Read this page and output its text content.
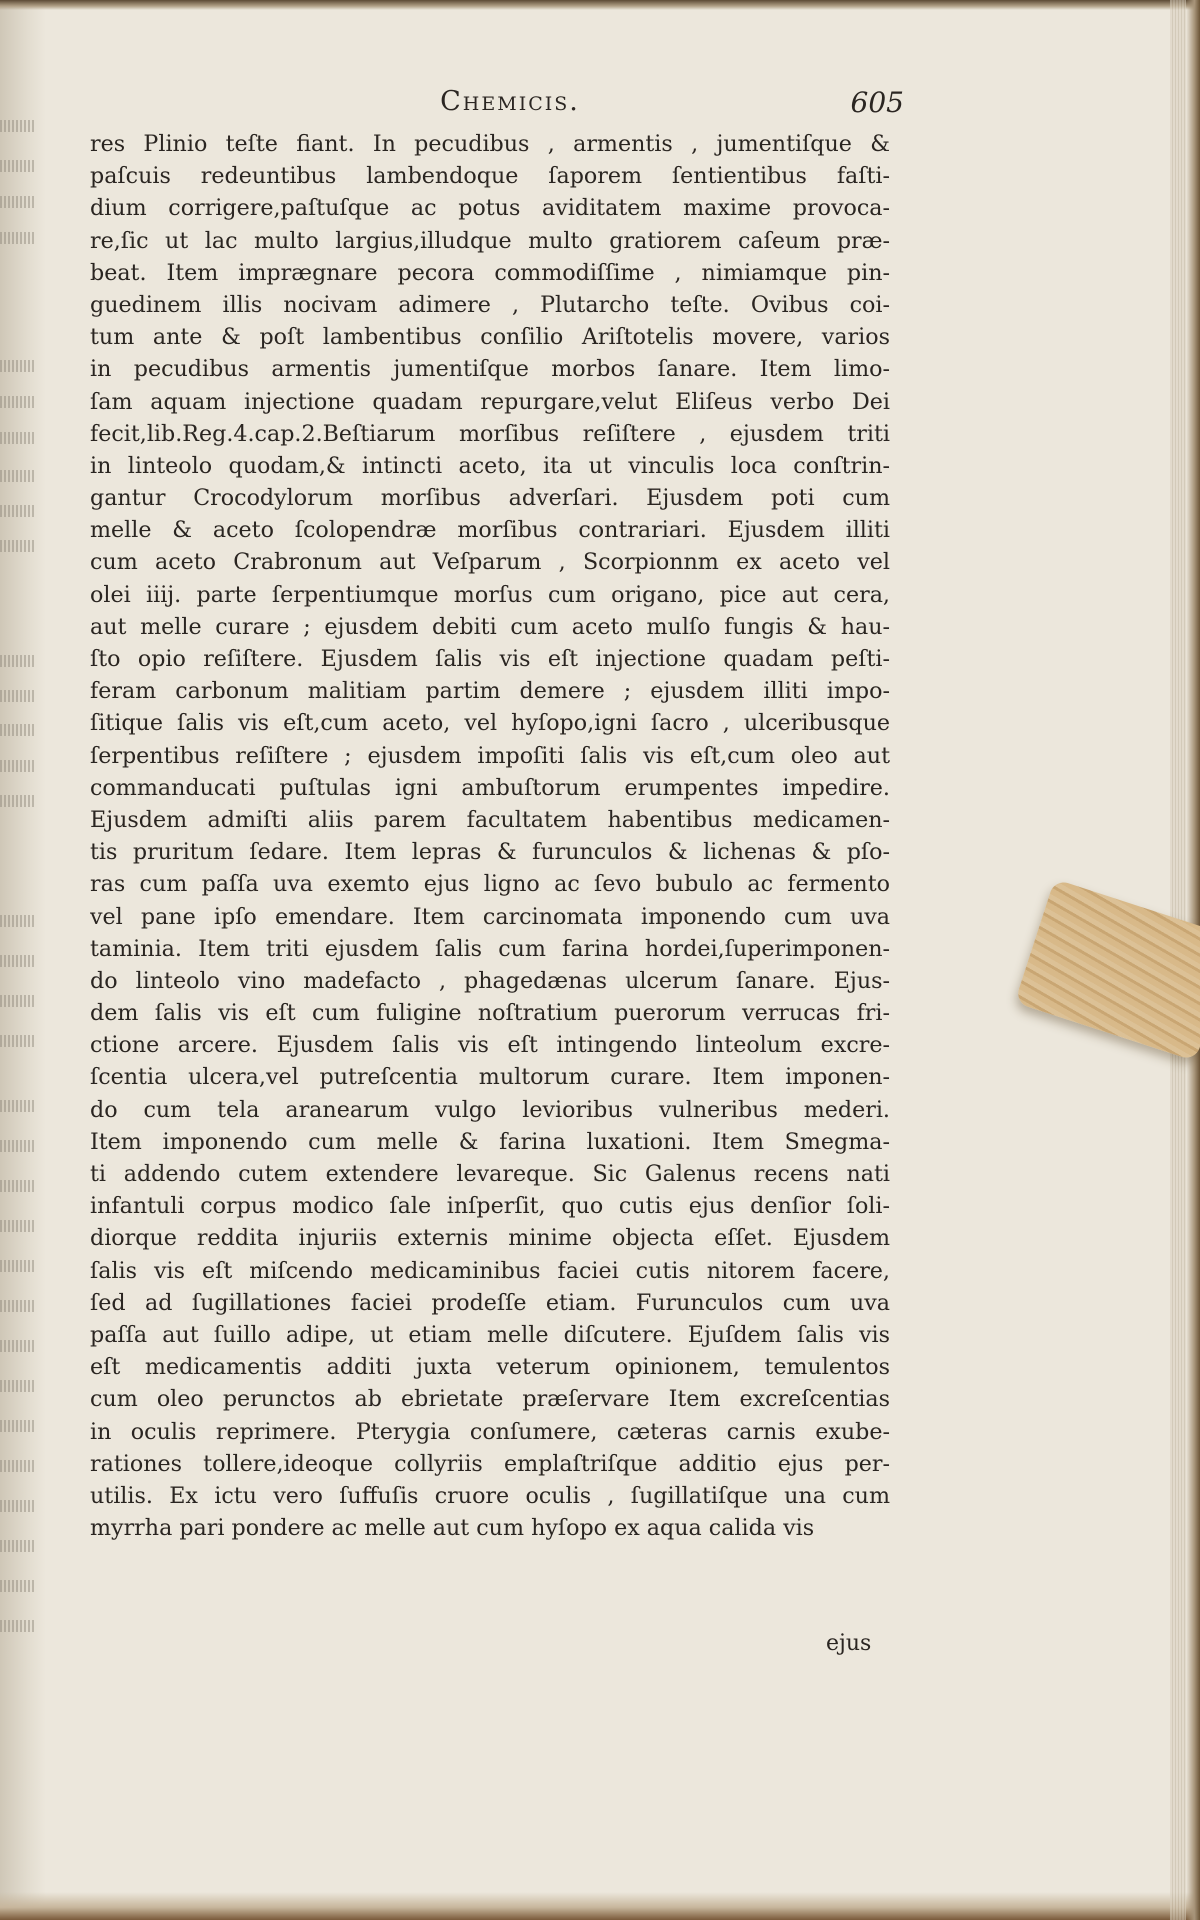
Chemicis.	605
res Plinio teſte fiant. In pecudibus , armentis , jumentiſque &
paſcuis redeuntibus lambendoque ſaporem ſentientibus faſti-
dium corrigere,paſtuſque ac potus aviditatem maxime provoca-
re,ſic ut lac multo largius,illudque multo gratiorem caſeum præ-
beat. Item imprægnare pecora commodiſſime , nimiamque pin-
guedinem illis nocivam adimere , Plutarcho teſte. Ovibus coi-
tum ante & poſt lambentibus conſilio Ariſtotelis movere, varios
in pecudibus armentis jumentiſque morbos ſanare. Item limo-
ſam aquam injectione quadam repurgare,velut Eliſeus verbo Dei
fecit,lib.Reg.4.cap.2.Beſtiarum morſibus reſiſtere , ejusdem triti
in linteolo quodam,& intincti aceto, ita ut vinculis loca conſtrin-
gantur Crocodylorum morſibus adverſari. Ejusdem poti cum
melle & aceto ſcolopendræ morſibus contrariari. Ejusdem illiti
cum aceto Crabronum aut Veſparum , Scorpionnm ex aceto vel
olei iiij. parte ſerpentiumque morſus cum origano, pice aut cera,
aut melle curare ; ejusdem debiti cum aceto mulſo fungis & hau-
ſto opio reſiſtere. Ejusdem ſalis vis eſt injectione quadam peſti-
feram carbonum malitiam partim demere ; ejusdem illiti impo-
ſitique ſalis vis eſt,cum aceto, vel hyſopo,igni ſacro , ulceribusque
ſerpentibus reſiſtere ; ejusdem impoſiti ſalis vis eſt,cum oleo aut
commanducati puſtulas igni ambuſtorum erumpentes impedire.
Ejusdem admiſti aliis parem facultatem habentibus medicamen-
tis pruritum ſedare. Item lepras & furunculos & lichenas & pſo-
ras cum paſſa uva exemto ejus ligno ac ſevo bubulo ac fermento
vel pane ipſo emendare. Item carcinomata imponendo cum uva
taminia. Item triti ejusdem ſalis cum farina hordei,ſuperimponen-
do linteolo vino madefacto , phagedænas ulcerum ſanare. Ejus-
dem ſalis vis eſt cum fuligine noſtratium puerorum verrucas fri-
ctione arcere. Ejusdem ſalis vis eſt intingendo linteolum excre-
ſcentia ulcera,vel putreſcentia multorum curare. Item imponen-
do cum tela aranearum vulgo levioribus vulneribus mederi.
Item imponendo cum melle & farina luxationi. Item Smegma-
ti addendo cutem extendere levareque. Sic Galenus recens nati
infantuli corpus modico ſale inſperſit, quo cutis ejus denſior ſoli-
diorque reddita injuriis externis minime objecta eſſet. Ejusdem
ſalis vis eſt miſcendo medicaminibus faciei cutis nitorem facere,
ſed ad ſugillationes faciei prodeſſe etiam. Furunculos cum uva
paſſa aut ſuillo adipe, ut etiam melle diſcutere. Ejuſdem ſalis vis
eſt medicamentis additi juxta veterum opinionem, temulentos
cum oleo perunctos ab ebrietate præſervare Item excreſcentias
in oculis reprimere. Pterygia conſumere, cæteras carnis exube-
rationes tollere,ideoque collyriis emplaſtriſque additio ejus per-
utilis. Ex ictu vero ſuffuſis cruore oculis , ſugillatiſque una cum
myrrha pari pondere ac melle aut cum hyſopo ex aqua calida vis
ejus
